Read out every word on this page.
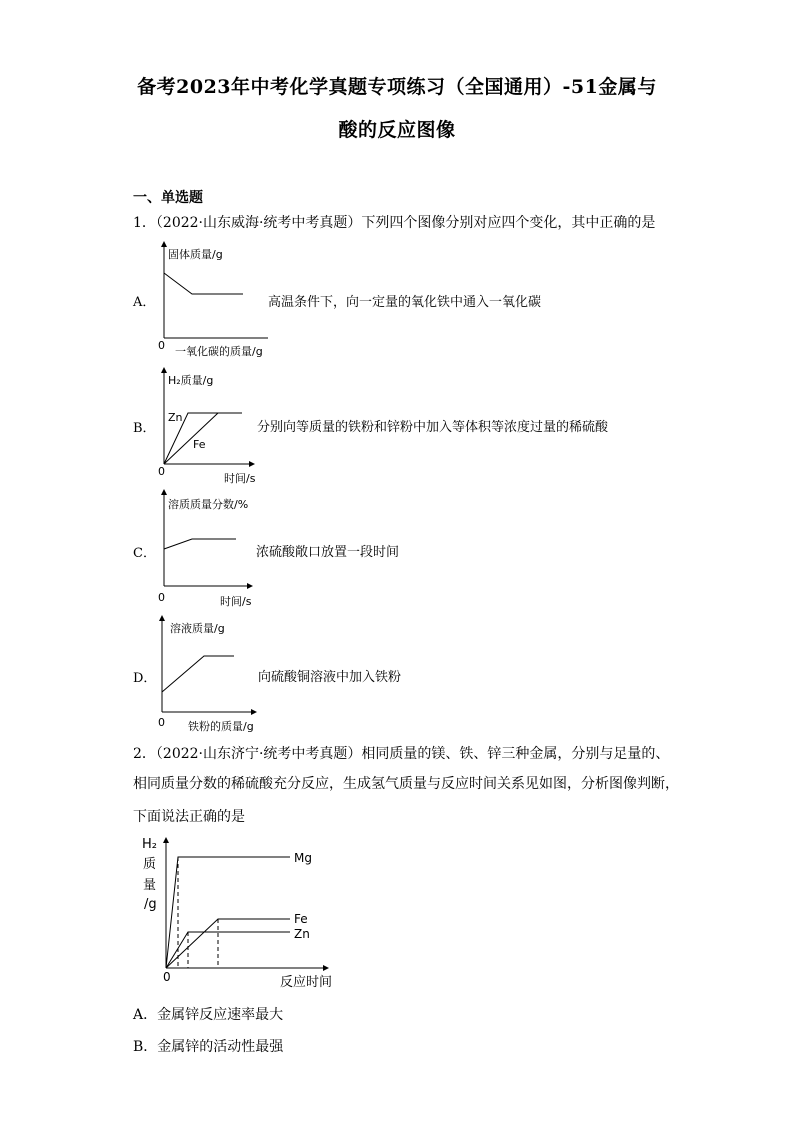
备考2023年中考化学真题专项练习（全国通用）-51金属与
酸的反应图像
一、单选题
1．（2022·山东威海·统考中考真题）下列四个图像分别对应四个变化，其中正确的是
A．	高温条件下，向一定量的氧化铁中通入一氧化碳
B．	分别向等质量的铁粉和锌粉中加入等体积等浓度过量的稀硫酸
C．	浓硫酸敞口放置一段时间
D．	向硫酸铜溶液中加入铁粉
固体质量/g
0 一氧化碳的质量/g
H₂质量/g
Zn
Fe
0
时间/s
溶质质量分数/%
0	时间/s
溶液质量/g
0 铁粉的质量/g
H₂
质
量
/g
Mg
Fe
Zn
0	反应时间
2．（2022·山东济宁·统考中考真题）相同质量的镁、铁、锌三种金属，分别与足量的、
相同质量分数的稀硫酸充分反应，生成氢气质量与反应时间关系见如图，分析图像判断，
下面说法正确的是
A．金属锌反应速率最大
B．金属锌的活动性最强
